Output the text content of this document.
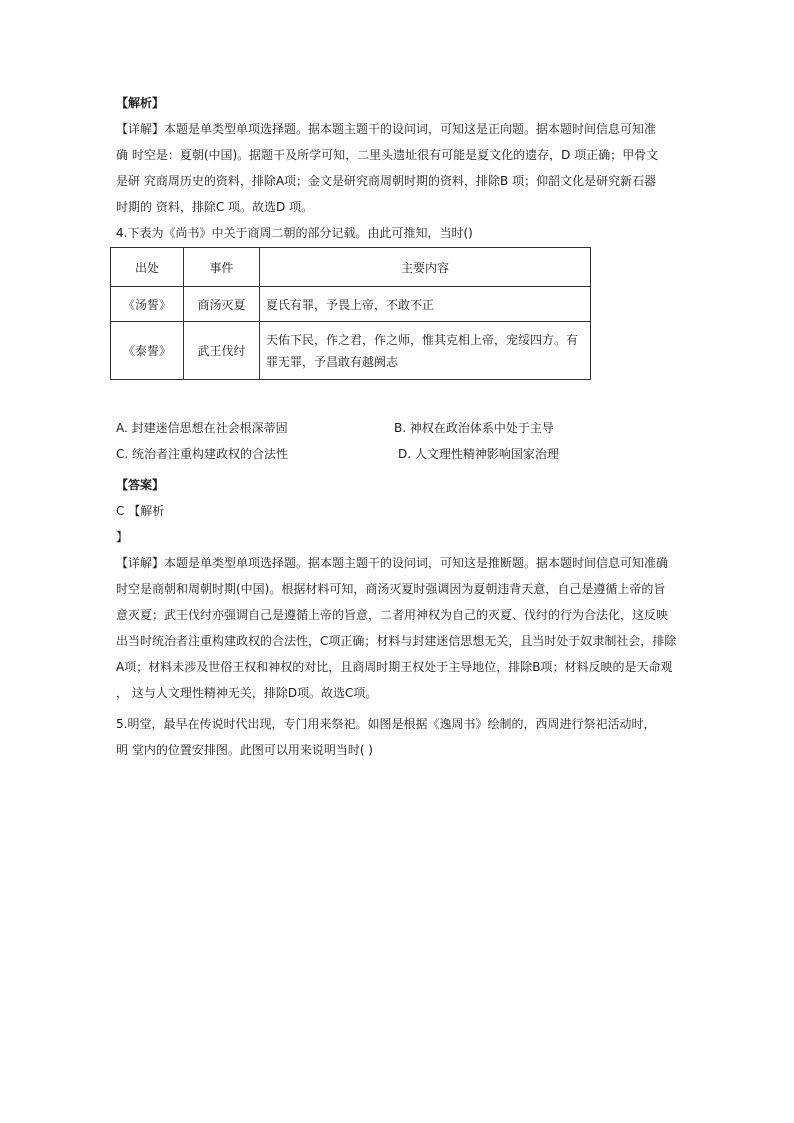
【解析】
【详解】本题是单类型单项选择题。据本题主题干的设问词，可知这是正向题。据本题时间信息可知准
确 时空是：夏朝(中国)。据题干及所学可知，二里头遗址很有可能是夏文化的遗存，D 项正确；甲骨文
是研 究商周历史的资料，排除A项；金文是研究商周朝时期的资料，排除B 项；仰韶文化是研究新石器
时期的 资料，排除C 项。故选D 项。
4.下表为《尚书》中关于商周二朝的部分记载。由此可推知，当时()
出处	事件	主要内容
《汤誓》	商汤灭夏	夏氏有罪，予畏上帝，不敢不正
《泰誓》	武王伐纣	天佑下民，作之君，作之师，惟其克相上帝，宠绥四方。有罪无罪，予昌敢有越阙志
A. 封建迷信思想在社会根深蒂固	B. 神权在政治体系中处于主导
C. 统治者注重构建政权的合法性	D. 人文理性精神影响国家治理
【答案】
C 【解析
】
【详解】本题是单类型单项选择题。据本题主题干的设问词，可知这是推断题。据本题时间信息可知准确
时空是商朝和周朝时期(中国)。根据材料可知，商汤灭夏时强调因为夏朝违背天意，自己是遵循上帝的旨
意灭夏；武王伐纣亦强调自己是遵循上帝的旨意，二者用神权为自己的灭夏、伐纣的行为合法化，这反映
出当时统治者注重构建政权的合法性，C项正确；材料与封建迷信思想无关，且当时处于奴隶制社会，排除
A项；材料未涉及世俗王权和神权的对比，且商周时期王权处于主导地位，排除B项；材料反映的是天命观
， 这与人文理性精神无关，排除D项。故选C项。
5.明堂，最早在传说时代出现，专门用来祭祀。如图是根据《逸周书》绘制的，西周进行祭祀活动时，
明 堂内的位置安排图。此图可以用来说明当时( )
